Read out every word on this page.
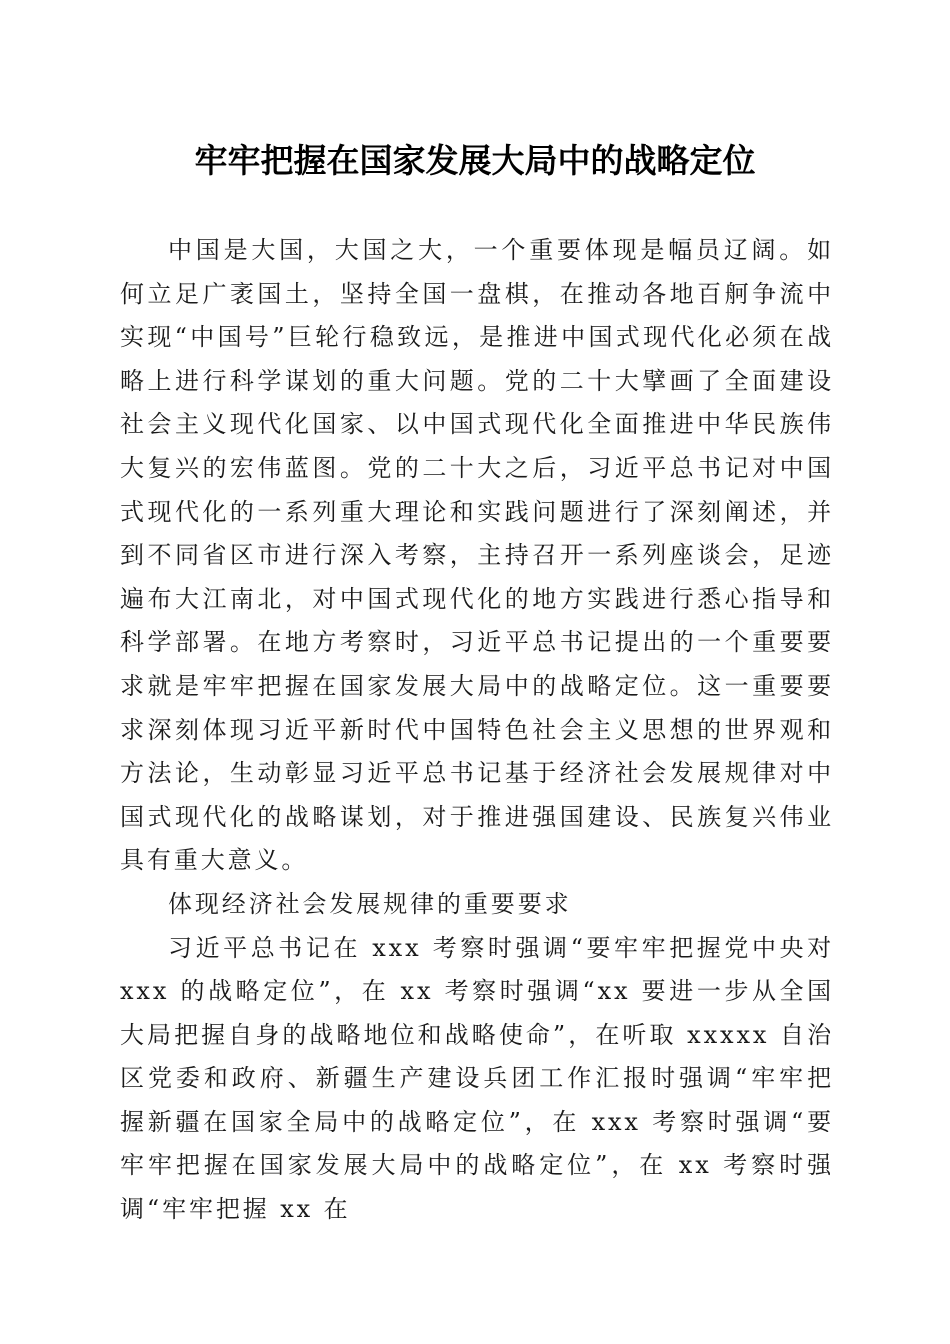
牢牢把握在国家发展大局中的战略定位

中国是大国，大国之大，一个重要体现是幅员辽阔。如何立足广袤国土，坚持全国一盘棋，在推动各地百舸争流中实现“中国号”巨轮行稳致远，是推进中国式现代化必须在战略上进行科学谋划的重大问题。党的二十大擘画了全面建设社会主义现代化国家、以中国式现代化全面推进中华民族伟大复兴的宏伟蓝图。党的二十大之后，习近平总书记对中国式现代化的一系列重大理论和实践问题进行了深刻阐述，并到不同省区市进行深入考察，主持召开一系列座谈会，足迹遍布大江南北，对中国式现代化的地方实践进行悉心指导和科学部署。在地方考察时，习近平总书记提出的一个重要要求就是牢牢把握在国家发展大局中的战略定位。这一重要要求深刻体现习近平新时代中国特色社会主义思想的世界观和方法论，生动彰显习近平总书记基于经济社会发展规律对中国式现代化的战略谋划，对于推进强国建设、民族复兴伟业具有重大意义。

体现经济社会发展规律的重要要求

习近平总书记在 xxx 考察时强调“要牢牢把握党中央对 xxx 的战略定位”，在 xx 考察时强调“xx 要进一步从全国大局把握自身的战略地位和战略使命”，在听取 xxxxx 自治区党委和政府、新疆生产建设兵团工作汇报时强调“牢牢把握新疆在国家全局中的战略定位”，在 xxx 考察时强调“要牢牢把握在国家发展大局中的战略定位”，在 xx 考察时强调“牢牢把握 xx 在
